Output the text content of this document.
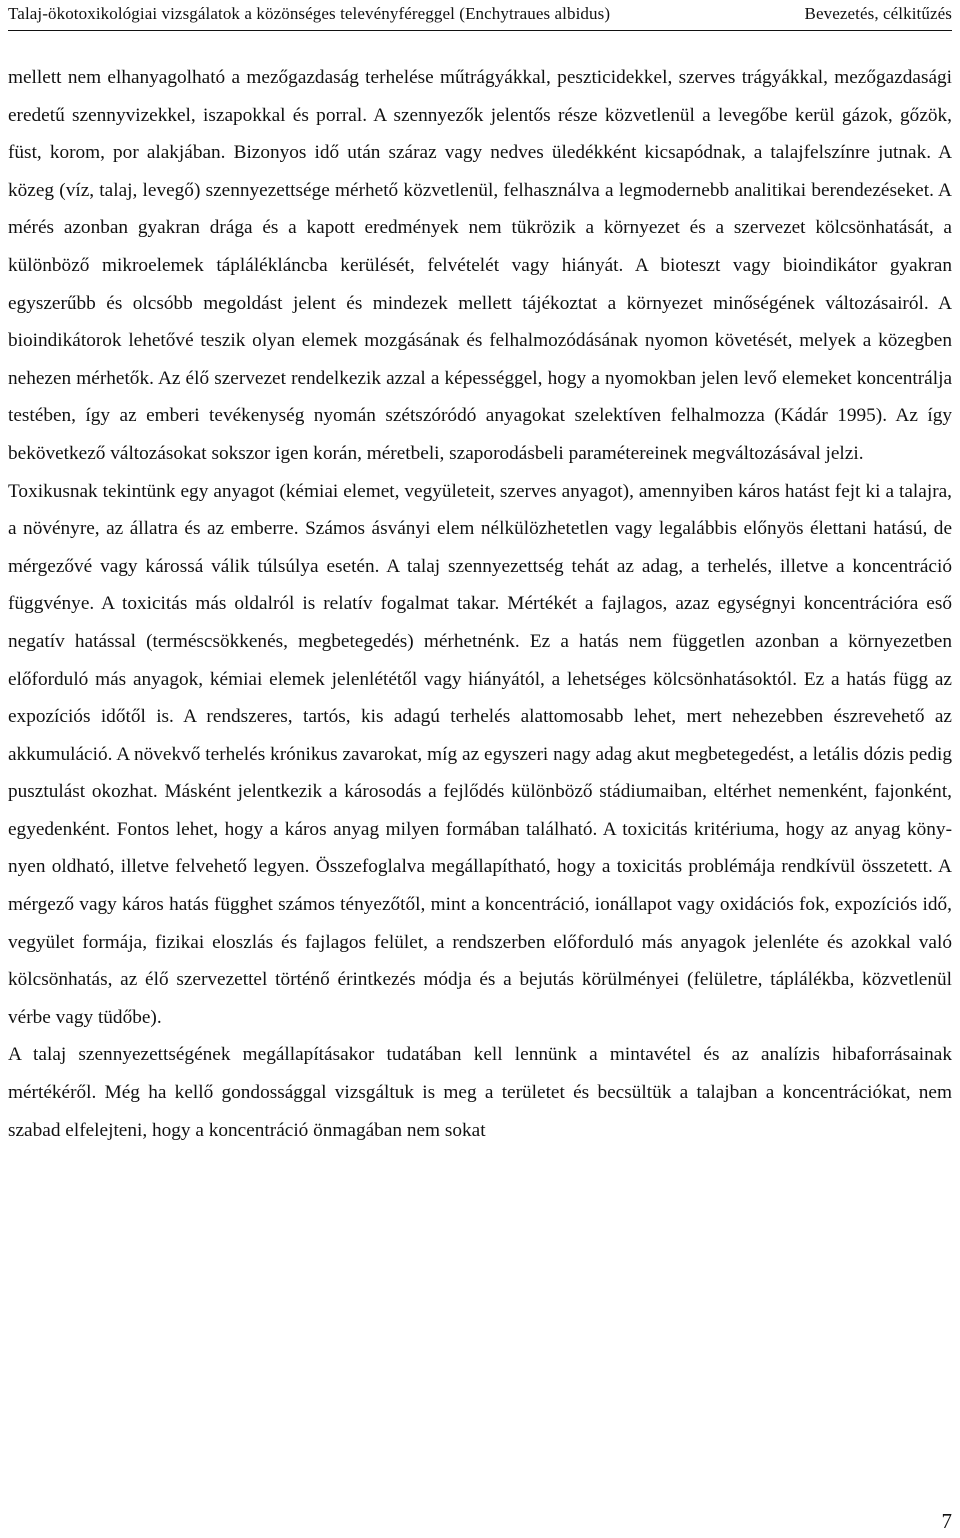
Talaj-ökotoxikológiai vizsgálatok a közönséges televényféreggel (Enchytraues albidus)	Bevezetés, célkitűzés

mellett nem elhanyagolható a mezőgazdaság terhelése műtrágyákkal, peszticidekkel, szerves trágyákkal, mezőgazdasági eredetű szennyvizekkel, iszapokkal és porral. A szennyezők jelentős része közvetlenül a levegőbe kerül gázok, gőzök, füst, korom, por alakjában. Bizonyos idő után száraz vagy nedves üledékként kicsapódnak, a talajfelszínre jutnak. A közeg (víz, talaj, levegő) szennyezettsége mérhető közvetlenül, felhasználva a legmodernebb analitikai berendezéseket. A mérés azonban gyakran drága és a kapott eredmények nem tükrözik a környezet és a szervezet kölcsönhatását, a különböző mikroelemek tápláléklánсba kerülését, felvételét vagy hiányát. A bioteszt vagy bioindikátor gyakran egyszerűbb és olcsóbb megoldást jelent és mindezek mellett tájékoztat a környezet minőségének változásairól. A bioindikátorok lehetővé teszik olyan elemek mozgásának és felhalmozódásának nyomon követését, melyek a közegben nehezen mérhetők. Az élő szervezet rendelkezik azzal a képességgel, hogy a nyomokban jelen levő elemeket koncentrálja testében, így az emberi tevékenység nyomán szétszóródó anyagokat szelektíven felhalmozza (Kádár 1995). Az így bekövetkező változásokat sokszor igen korán, méretbeli, szaporodásbeli paramétereinek megváltozásával jelzi.

Toxikusnak tekintünk egy anyagot (kémiai elemet, vegyületeit, szerves anyagot), amennyiben káros hatást fejt ki a talajra, a növényre, az állatra és az emberre. Számos ásványi elem nélkülözhetetlen vagy legalábbis előnyös élettani hatású, de mérgezővé vagy károssá válik túlsúlya esetén. A talaj szennyezettség tehát az adag, a terhelés, illetve a koncentráció függvénye. A toxicitás más oldalról is relatív fogalmat takar. Mértékét a fajlagos, azaz egységnyi koncentrációra eső negatív hatással (terméscsökkenés, megbetegedés) mérhetnénk. Ez a hatás nem független azonban a környezetben előforduló más anyagok, kémiai elemek jelenlététől vagy hiányától, a lehetséges kölcsönhatásoktól. Ez a hatás függ az expozíciós időtől is. A rendszeres, tartós, kis adagú terhelés alattomosabb lehet, mert nehezebben észrevehető az akkumuláció. A növekvő terhelés krónikus zavarokat, míg az egyszeri nagy adag akut megbetegedést, a letális dózis pedig pusztulást okozhat. Másként jelentkezik a károsodás a fejlődés különböző stádiumaiban, eltérhet nemenként, fajonként, egyedenként. Fontos lehet, hogy a káros anyag milyen formában található. A toxicitás kritériuma, hogy az anyag könynyen oldható, illetve felvehető legyen. Összefoglalva megállapítható, hogy a toxicitás problémája rendkívül összetett. A mérgező vagy káros hatás függhet számos tényezőtől, mint a koncentráció, ionállapot vagy oxidációs fok, expozíciós idő, vegyület formája, fizikai eloszlás és fajlagos felület, a rendszerben előforduló más anyagok jelenléte és azokkal való kölcsönhatás, az élő szervezettel történő érintkezés módja és a bejutás körülményei (felületre, táplálékba, közvetlenül vérbe vagy tüdőbe).

A talaj szennyezettségének megállapításakor tudatában kell lennünk a mintavétel és az analízis hibaforrásainak mértékéről. Még ha kellő gondossággal vizsgáltuk is meg a területet és becsültük a talajban a koncentrációkat, nem szabad elfelejteni, hogy a koncentráció önmagában nem sokat

7
